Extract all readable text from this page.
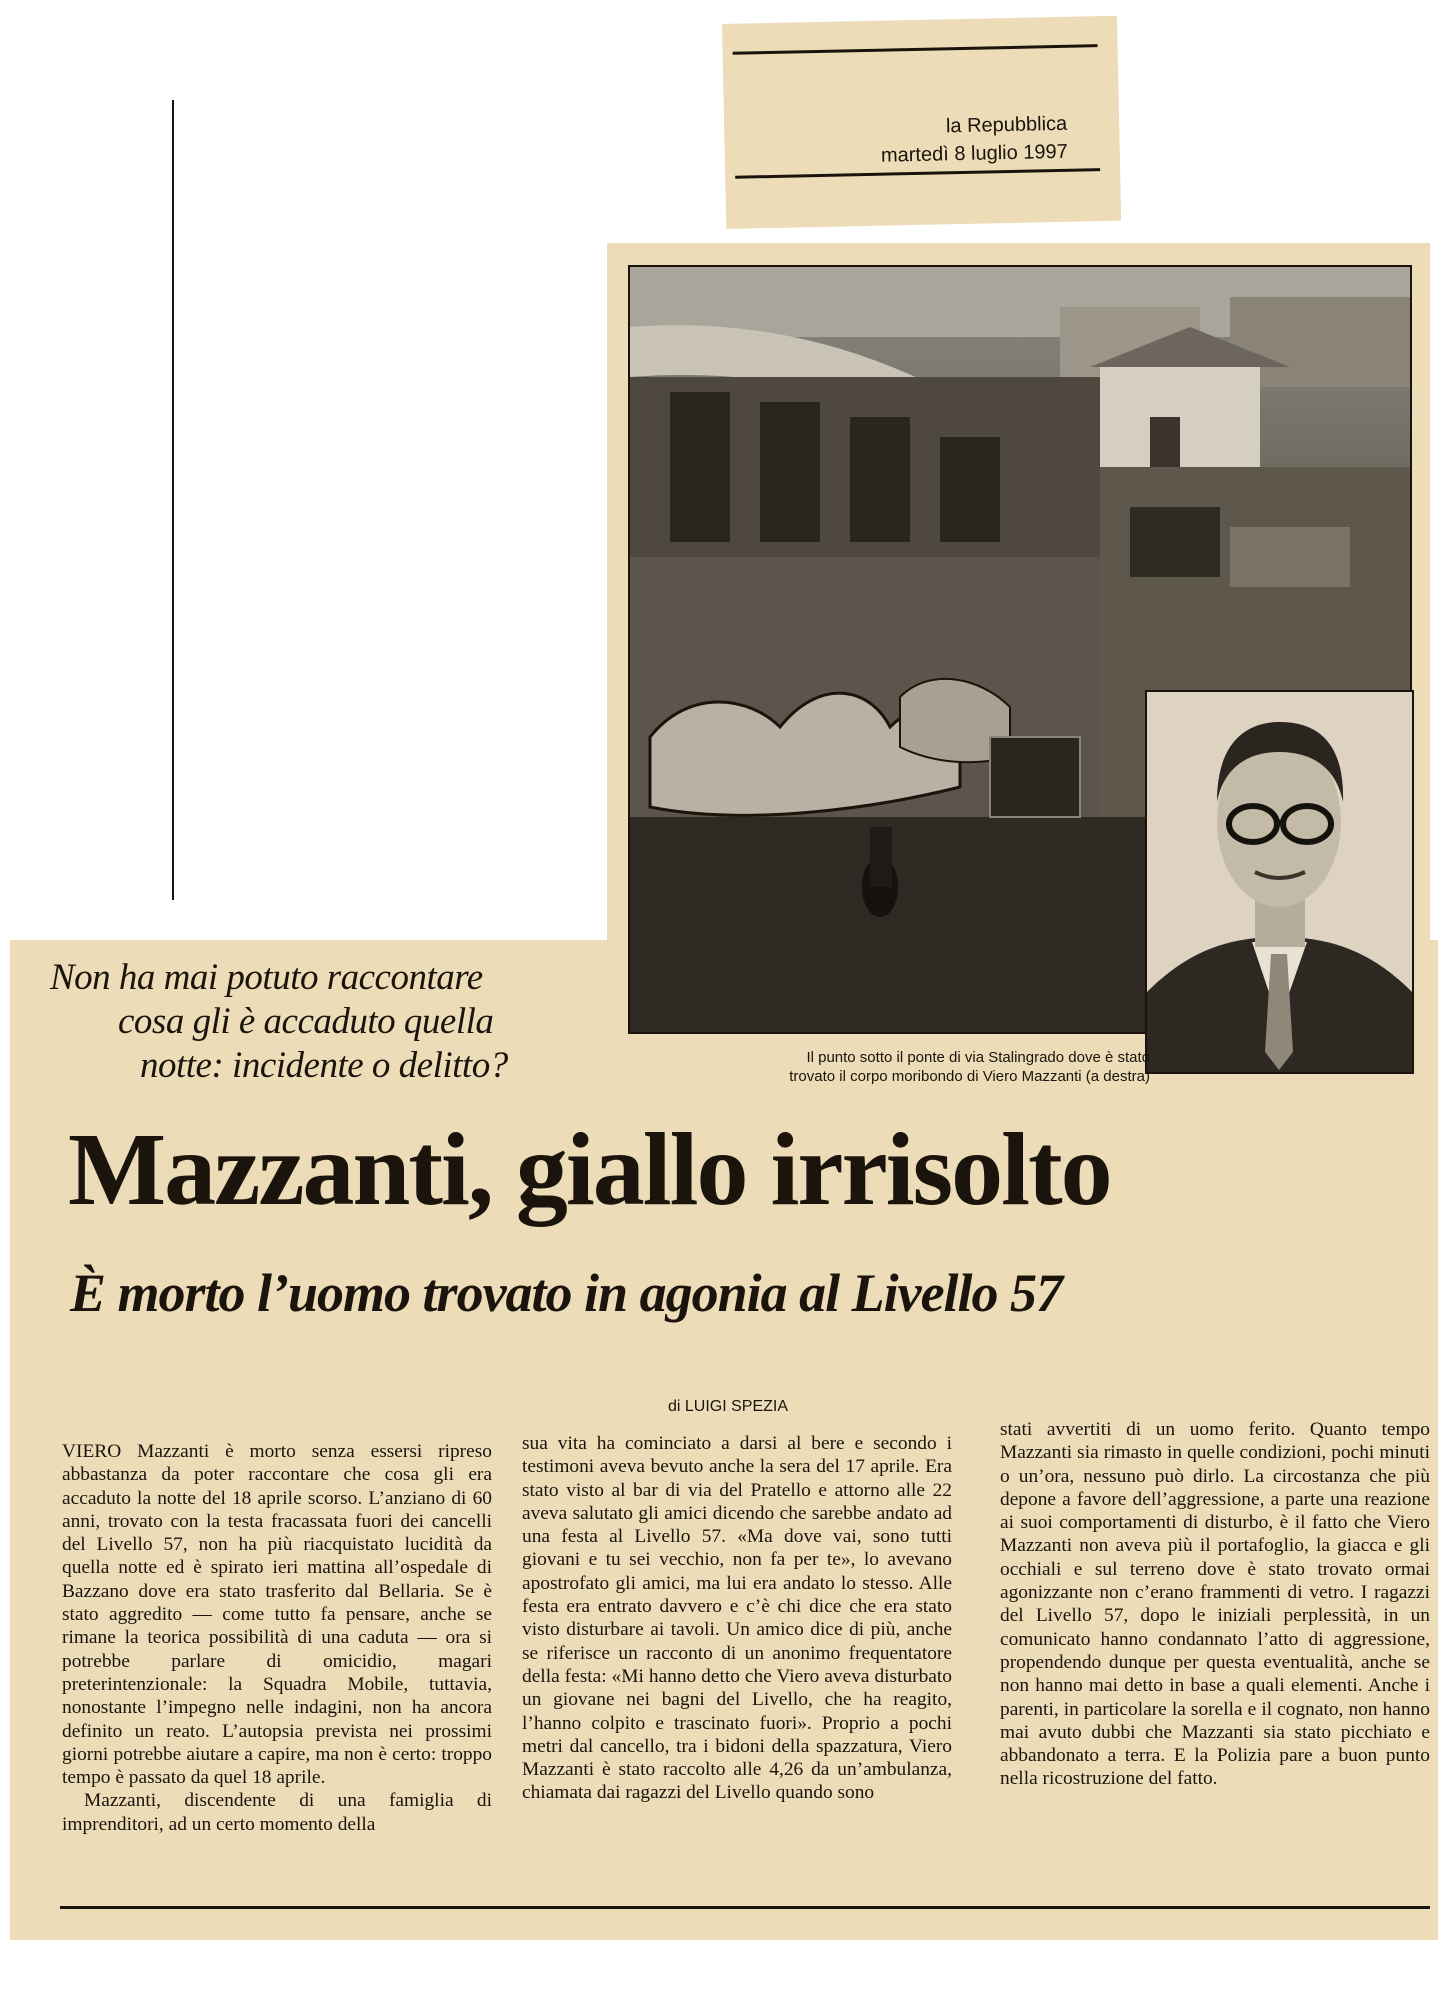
la Repubblica
martedì 8 luglio 1997
Il punto sotto il ponte di via Stalingrado dove è stato
trovato il corpo moribondo di Viero Mazzanti (a destra)
Non ha mai potuto raccontare
cosa gli è accaduto quella
notte: incidente o delitto?
Mazzanti, giallo irrisolto
È morto l’uomo trovato in agonia al Livello 57
di LUIGI SPEZIA

VIERO Mazzanti è morto senza essersi ripreso abbastanza da poter raccontare che cosa gli era accaduto la notte del 18 aprile scorso. L’anziano di 60 anni, trovato con la testa fracassata fuori dei cancelli del Livello 57, non ha più riacquistato lucidità da quella notte ed è spirato ieri mattina all’ospedale di Bazzano dove era stato trasferito dal Bellaria. Se è stato aggredito — come tutto fa pensare, anche se rimane la teorica possibilità di una caduta — ora si potrebbe parlare di omicidio, magari preterintenzionale: la Squadra Mobile, tuttavia, nonostante l’impegno nelle indagini, non ha ancora definito un reato. L’autopsia prevista nei prossimi giorni potrebbe aiutare a capire, ma non è certo: troppo tempo è passato da quel 18 aprile.

Mazzanti, discendente di una famiglia di imprenditori, ad un certo momento della

sua vita ha cominciato a darsi al bere e secondo i testimoni aveva bevuto anche la sera del 17 aprile. Era stato visto al bar di via del Pratello e attorno alle 22 aveva salutato gli amici dicendo che sarebbe andato ad una festa al Livello 57. «Ma dove vai, sono tutti giovani e tu sei vecchio, non fa per te», lo avevano apostrofato gli amici, ma lui era andato lo stesso. Alle festa era entrato davvero e c’è chi dice che era stato visto disturbare ai tavoli. Un amico dice di più, anche se riferisce un racconto di un anonimo frequentatore della festa: «Mi hanno detto che Viero aveva disturbato un giovane nei bagni del Livello, che ha reagito, l’hanno colpito e trascinato fuori». Proprio a pochi metri dal cancello, tra i bidoni della spazzatura, Viero Mazzanti è stato raccolto alle 4,26 da un’ambulanza, chiamata dai ragazzi del Livello quando sono

stati avvertiti di un uomo ferito. Quanto tempo Mazzanti sia rimasto in quelle condizioni, pochi minuti o un’ora, nessuno può dirlo. La circostanza che più depone a favore dell’aggressione, a parte una reazione ai suoi comportamenti di disturbo, è il fatto che Viero Mazzanti non aveva più il portafoglio, la giacca e gli occhiali e sul terreno dove è stato trovato ormai agonizzante non c’erano frammenti di vetro. I ragazzi del Livello 57, dopo le iniziali perplessità, in un comunicato hanno condannato l’atto di aggressione, propendendo dunque per questa eventualità, anche se non hanno mai detto in base a quali elementi. Anche i parenti, in particolare la sorella e il cognato, non hanno mai avuto dubbi che Mazzanti sia stato picchiato e abbandonato a terra. E la Polizia pare a buon punto nella ricostruzione del fatto.
